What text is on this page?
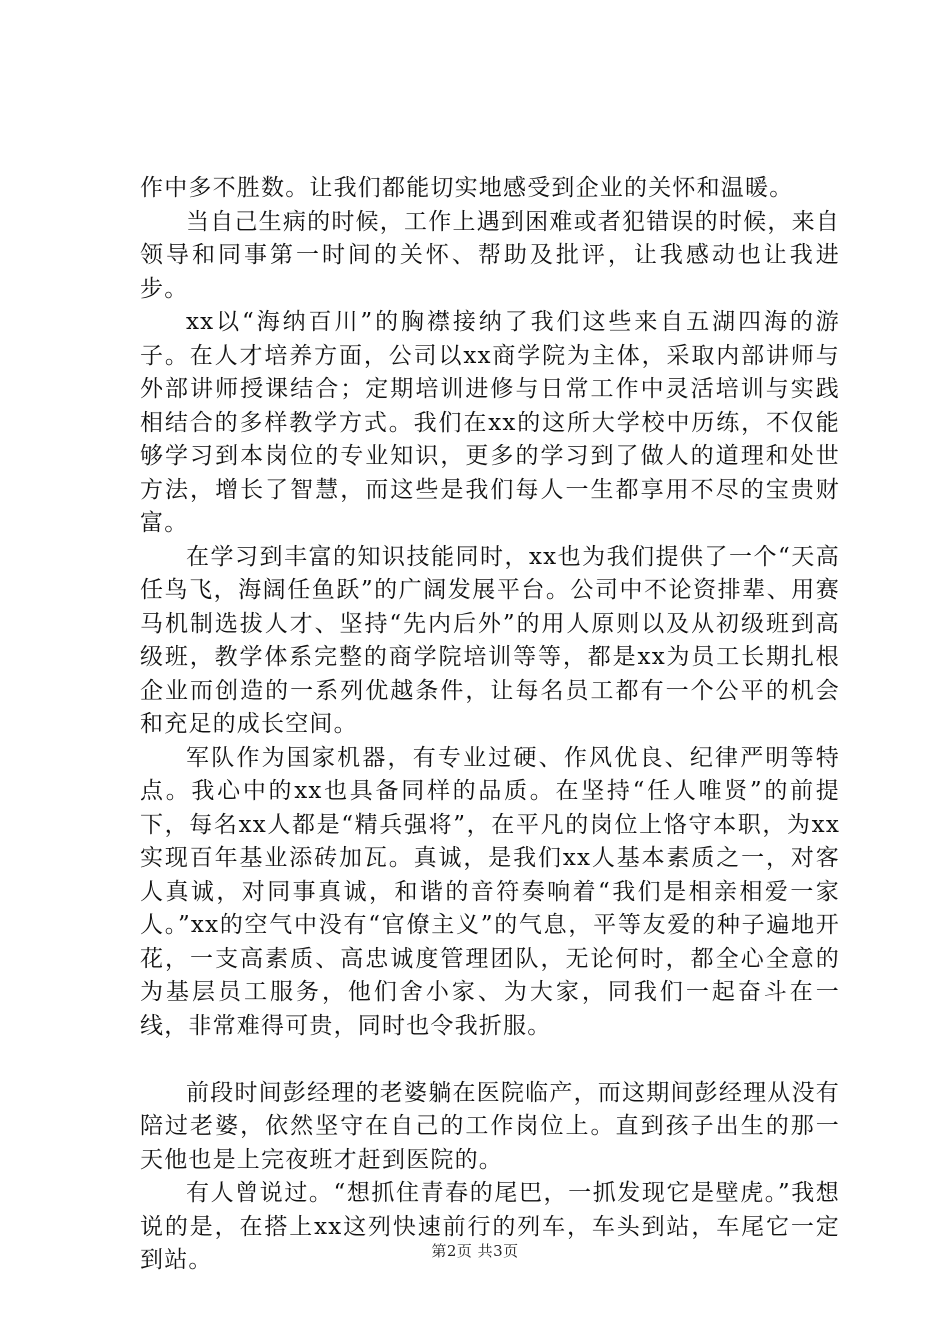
作中多不胜数。让我们都能切实地感受到企业的关怀和温暖。

当自己生病的时候，工作上遇到困难或者犯错误的时候，来自领导和同事第一时间的关怀、帮助及批评，让我感动也让我进步。

xx以“海纳百川”的胸襟接纳了我们这些来自五湖四海的游子。在人才培养方面，公司以xx商学院为主体，采取内部讲师与外部讲师授课结合；定期培训进修与日常工作中灵活培训与实践相结合的多样教学方式。我们在xx的这所大学校中历练，不仅能够学习到本岗位的专业知识，更多的学习到了做人的道理和处世方法，增长了智慧，而这些是我们每人一生都享用不尽的宝贵财富。

在学习到丰富的知识技能同时，xx也为我们提供了一个“天高任鸟飞，海阔任鱼跃”的广阔发展平台。公司中不论资排辈、用赛马机制选拔人才、坚持“先内后外”的用人原则以及从初级班到高级班，教学体系完整的商学院培训等等，都是xx为员工长期扎根企业而创造的一系列优越条件，让每名员工都有一个公平的机会和充足的成长空间。

军队作为国家机器，有专业过硬、作风优良、纪律严明等特点。我心中的xx也具备同样的品质。在坚持“任人唯贤”的前提下，每名xx人都是“精兵强将”，在平凡的岗位上恪守本职，为xx实现百年基业添砖加瓦。真诚，是我们xx人基本素质之一，对客人真诚，对同事真诚，和谐的音符奏响着“我们是相亲相爱一家人。”xx的空气中没有“官僚主义”的气息，平等友爱的种子遍地开花，一支高素质、高忠诚度管理团队，无论何时，都全心全意的为基层员工服务，他们舍小家、为大家，同我们一起奋斗在一线，非常难得可贵，同时也令我折服。

前段时间彭经理的老婆躺在医院临产，而这期间彭经理从没有陪过老婆，依然坚守在自己的工作岗位上。直到孩子出生的那一天他也是上完夜班才赶到医院的。

有人曾说过。“想抓住青春的尾巴，一抓发现它是壁虎。”我想说的是，在搭上xx这列快速前行的列车，车头到站，车尾它一定到站。	第2页 共3页
